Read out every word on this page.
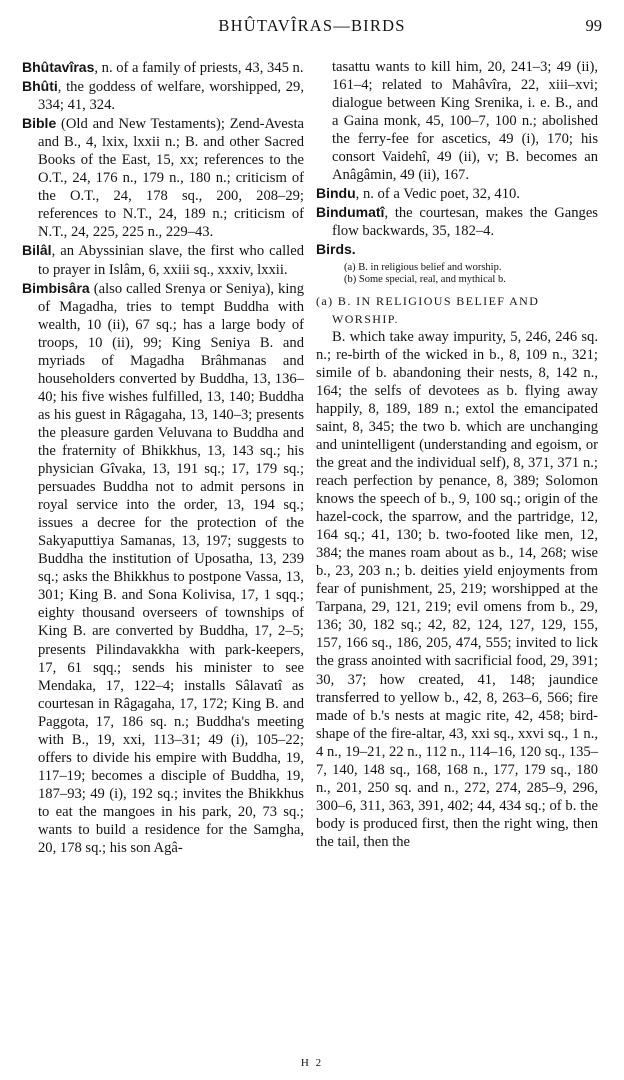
BHÛTAVÎRAS—BIRDS	99

Bhûtavîras, n. of a family of priests, 43, 345 n.

Bhûti, the goddess of welfare, worshipped, 29, 334; 41, 324.

Bible (Old and New Testaments); Zend-Avesta and B., 4, lxix, lxxii n.; B. and other Sacred Books of the East, 15, xx; references to the O.T., 24, 176 n., 179 n., 180 n.; criticism of the O.T., 24, 178 sq., 200, 208–29; references to N.T., 24, 189 n.; criticism of N.T., 24, 225, 225 n., 229–43.

Bilâl, an Abyssinian slave, the first who called to prayer in Islâm, 6, xxiii sq., xxxiv, lxxii.

Bimbisâra (also called Srenya or Seniya), king of Magadha, tries to tempt Buddha with wealth, 10 (ii), 67 sq.; has a large body of troops, 10 (ii), 99; King Seniya B. and myriads of Magadha Brâhmanas and householders converted by Buddha, 13, 136–40; his five wishes fulfilled, 13, 140; Buddha as his guest in Râgagaha, 13, 140–3; presents the pleasure garden Veluvana to Buddha and the fraternity of Bhikkhus, 13, 143 sq.; his physician Gîvaka, 13, 191 sq.; 17, 179 sq.; persuades Buddha not to admit persons in royal service into the order, 13, 194 sq.; issues a decree for the protection of the Sakyaputtiya Samanas, 13, 197; suggests to Buddha the institution of Uposatha, 13, 239 sq.; asks the Bhikkhus to postpone Vassa, 13, 301; King B. and Sona Kolivisa, 17, 1 sqq.; eighty thousand overseers of townships of King B. are converted by Buddha, 17, 2–5; presents Pilindavakkha with park-keepers, 17, 61 sqq.; sends his minister to see Mendaka, 17, 122–4; installs Sâlavatî as courtesan in Râgagaha, 17, 172; King B. and Paggota, 17, 186 sq. n.; Buddha's meeting with B., 19, xxi, 113–31; 49 (i), 105–22; offers to divide his empire with Buddha, 19, 117–19; becomes a disciple of Buddha, 19, 187–93; 49 (i), 192 sq.; invites the Bhikkhus to eat the mangoes in his park, 20, 73 sq.; wants to build a residence for the Samgha, 20, 178 sq.; his son Agâ-

tasattu wants to kill him, 20, 241–3; 49 (ii), 161–4; related to Mahâvîra, 22, xiii–xvi; dialogue between King Srenika, i. e. B., and a Gaina monk, 45, 100–7, 100 n.; abolished the ferry-fee for ascetics, 49 (i), 170; his consort Vaidehî, 49 (ii), v; B. becomes an Anâgâmin, 49 (ii), 167.

Bindu, n. of a Vedic poet, 32, 410.

Bindumatî, the courtesan, makes the Ganges flow backwards, 35, 182–4.

Birds.

(a) B. in religious belief and worship.
(b) Some special, real, and mythical b.
(a) B. IN RELIGIOUS BELIEF AND WORSHIP.

B. which take away impurity, 5, 246, 246 sq. n.; re-birth of the wicked in b., 8, 109 n., 321; simile of b. abandoning their nests, 8, 142 n., 164; the selfs of devotees as b. flying away happily, 8, 189, 189 n.; extol the emancipated saint, 8, 345; the two b. which are unchanging and unintelligent (understanding and egoism, or the great and the individual self), 8, 371, 371 n.; reach perfection by penance, 8, 389; Solomon knows the speech of b., 9, 100 sq.; origin of the hazel-cock, the sparrow, and the partridge, 12, 164 sq.; 41, 130; b. two-footed like men, 12, 384; the manes roam about as b., 14, 268; wise b., 23, 203 n.; b. deities yield enjoyments from fear of punishment, 25, 219; worshipped at the Tarpana, 29, 121, 219; evil omens from b., 29, 136; 30, 182 sq.; 42, 82, 124, 127, 129, 155, 157, 166 sq., 186, 205, 474, 555; invited to lick the grass anointed with sacrificial food, 29, 391; 30, 37; how created, 41, 148; jaundice transferred to yellow b., 42, 8, 263–6, 566; fire made of b.'s nests at magic rite, 42, 458; bird-shape of the fire-altar, 43, xxi sq., xxvi sq., 1 n., 4 n., 19–21, 22 n., 112 n., 114–16, 120 sq., 135–7, 140, 148 sq., 168, 168 n., 177, 179 sq., 180 n., 201, 250 sq. and n., 272, 274, 285–9, 296, 300–6, 311, 363, 391, 402; 44, 434 sq.; of b. the body is produced first, then the right wing, then the tail, then the

H 2
